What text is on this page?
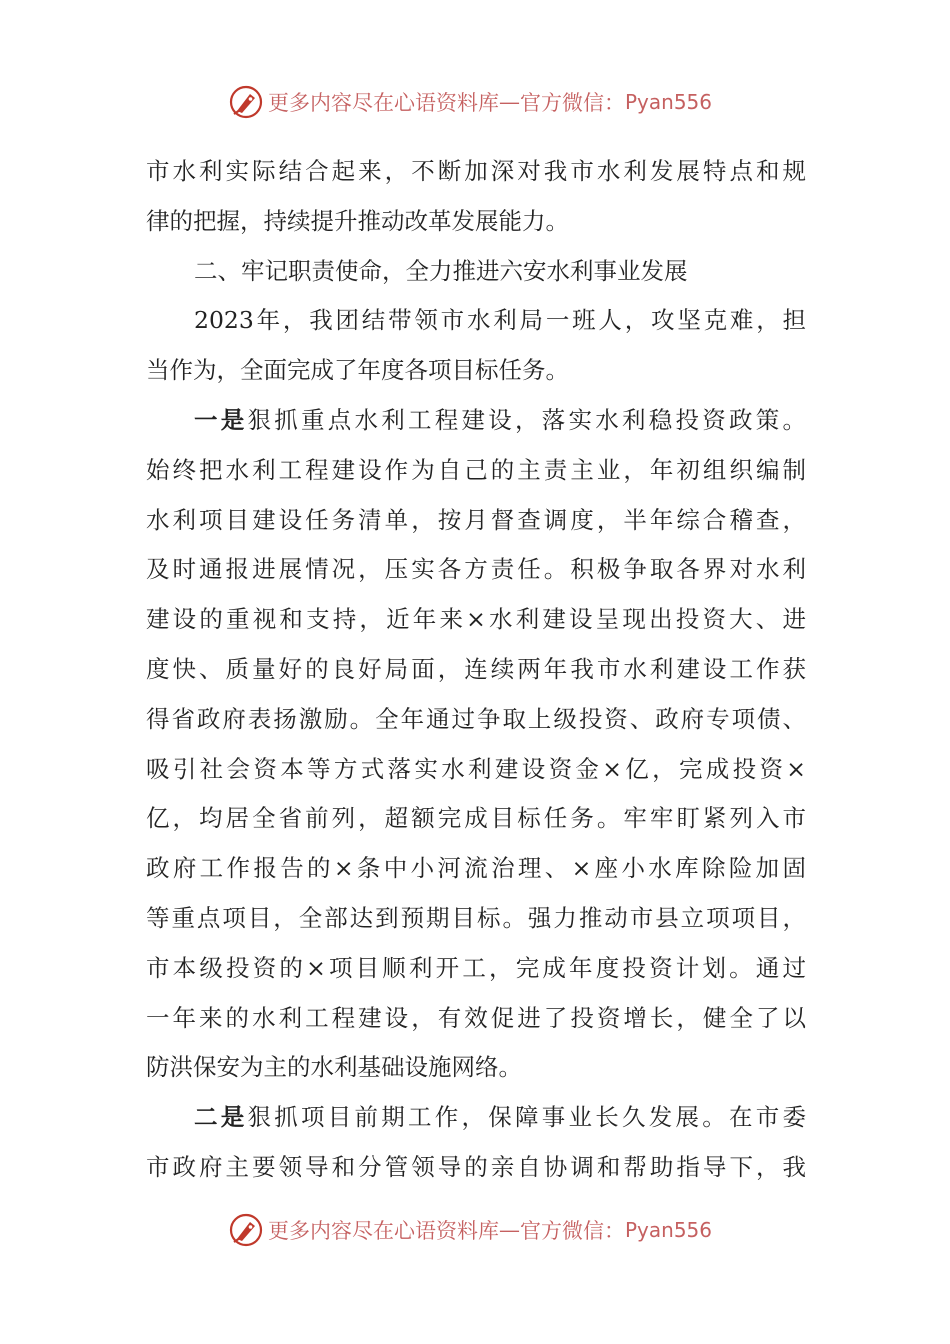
更多内容尽在心语资料库 — 官方微信： Pyan556
市水利实际结合起来，不断加深对我市水利发展特点和规
律的把握，持续提升推动改革发展能力。
二、牢记职责使命，全力推进六安水利事业发展
2023年，我团结带领市水利局一班人，攻坚克难，担
当作为，全面完成了年度各项目标任务。
一是狠抓重点水利工程建设，落实水利稳投资政策。
始终把水利工程建设作为自己的主责主业，年初组织编制
水利项目建设任务清单，按月督查调度，半年综合稽查，
及时通报进展情况，压实各方责任。积极争取各界对水利
建设的重视和支持，近年来×水利建设呈现出投资大、进
度快、质量好的良好局面，连续两年我市水利建设工作获
得省政府表扬激励。全年通过争取上级投资、政府专项债、
吸引社会资本等方式落实水利建设资金×亿，完成投资×
亿，均居全省前列，超额完成目标任务。牢牢盯紧列入市
政府工作报告的×条中小河流治理、×座小水库除险加固
等重点项目，全部达到预期目标。强力推动市县立项项目，
市本级投资的×项目顺利开工，完成年度投资计划。通过
一年来的水利工程建设，有效促进了投资增长，健全了以
防洪保安为主的水利基础设施网络。
二是狠抓项目前期工作，保障事业长久发展。在市委
市政府主要领导和分管领导的亲自协调和帮助指导下，我
更多内容尽在心语资料库 — 官方微信： Pyan556
